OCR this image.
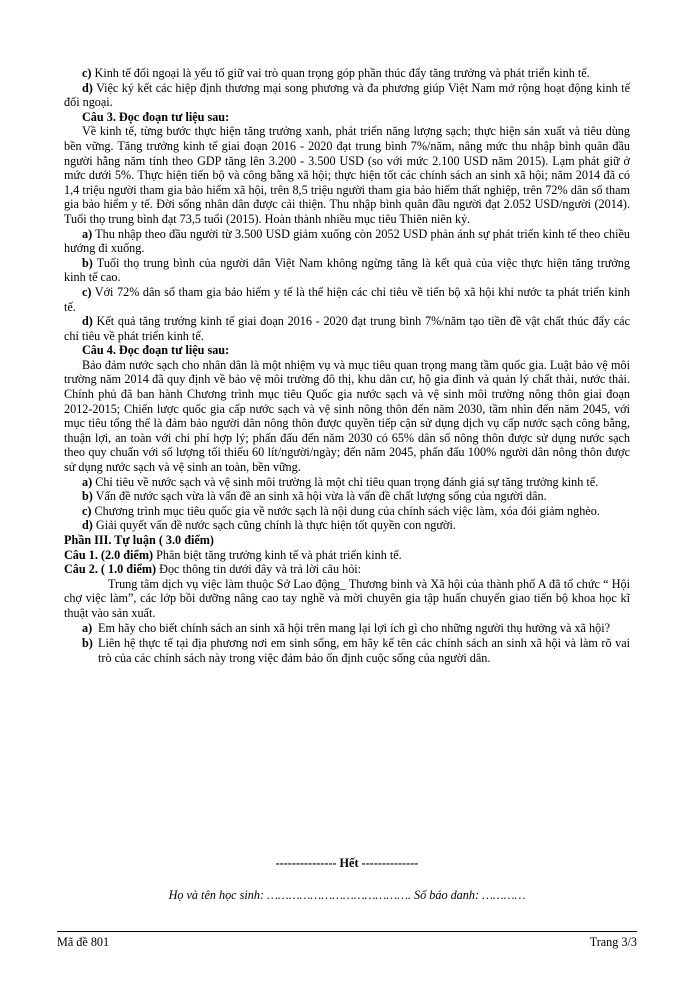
c) Kinh tế đối ngoại là yếu tố giữ vai trò quan trọng góp phần thúc đẩy tăng trưởng và phát triển kinh tế.

d) Việc ký kết các hiệp định thương mại song phương và đa phương giúp Việt Nam mở rộng hoạt động kinh tế đối ngoại.

Câu 3. Đọc đoạn tư liệu sau:

Về kinh tế, từng bước thực hiện tăng trưởng xanh, phát triển năng lượng sạch; thực hiện sản xuất và tiêu dùng bền vững. Tăng trưởng kinh tế giai đoạn 2016 - 2020 đạt trung bình 7%/năm, nâng mức thu nhập bình quân đầu người hằng năm tính theo GDP tăng lên 3.200 - 3.500 USD (so với mức 2.100 USD năm 2015). Lạm phát giữ ở mức dưới 5%. Thực hiện tiến bộ và công bằng xã hội; thực hiện tốt các chính sách an sinh xã hội; năm 2014 đã có 1,4 triệu người tham gia bảo hiểm xã hội, trên 8,5 triệu người tham gia bảo hiểm thất nghiệp, trên 72% dân số tham gia bảo hiểm y tế. Đời sống nhân dân được cải thiện. Thu nhập bình quân đầu người đạt 2.052 USD/người (2014). Tuổi thọ trung bình đạt 73,5 tuổi (2015). Hoàn thành nhiều mục tiêu Thiên niên kỷ.

a) Thu nhập theo đầu người từ 3.500 USD giảm xuống còn 2052 USD phản ánh sự phát triển kinh tế theo chiều hướng đi xuống.

b) Tuổi thọ trung bình của người dân Việt Nam không ngừng tăng là kết quả của việc thực hiện tăng trưởng kinh tế cao.

c) Với 72% dân số tham gia bảo hiểm y tế là thể hiện các chỉ tiêu về tiến bộ xã hội khi nước ta phát triển kinh tế.

d) Kết quả tăng trưởng kinh tế giai đoạn 2016 - 2020 đạt trung bình 7%/năm tạo tiền đề vật chất thúc đẩy các chỉ tiêu về phát triển kinh tế.

Câu 4. Đọc đoạn tư liệu sau:

Bảo đảm nước sạch cho nhân dân là một nhiệm vụ và mục tiêu quan trọng mang tầm quốc gia. Luật bảo vệ môi trường năm 2014 đã quy định về bảo vệ môi trường đô thị, khu dân cư, hộ gia đình và quản lý chất thải, nước thải. Chính phủ đã ban hành Chương trình mục tiêu Quốc gia nước sạch và vệ sinh môi trường nông thôn giai đoạn 2012-2015; Chiến lược quốc gia cấp nước sạch và vệ sinh nông thôn đến năm 2030, tầm nhìn đến năm 2045, với mục tiêu tổng thể là đảm bảo người dân nông thôn được quyền tiếp cận sử dụng dịch vụ cấp nước sạch công bằng, thuận lợi, an toàn với chi phí hợp lý; phấn đấu đến năm 2030 có 65% dân số nông thôn được sử dụng nước sạch theo quy chuẩn với số lượng tối thiểu 60 lít/người/ngày; đến năm 2045, phấn đấu 100% người dân nông thôn được sử dụng nước sạch và vệ sinh an toàn, bền vững.

a) Chỉ tiêu về nước sạch và vệ sinh môi trường là một chỉ tiêu quan trọng đánh giá sự tăng trưởng kinh tế.

b) Vấn đề nước sạch vừa là vấn đề an sinh xã hội vừa là vấn đề chất lượng sống của người dân.

c) Chương trình mục tiêu quốc gia về nước sạch là nội dung của chính sách việc làm, xóa đói giảm nghèo.

d) Giải quyết vấn đề nước sạch cũng chính là thực hiện tốt quyền con người.

Phần III. Tự luận ( 3.0 điểm)

Câu 1. (2.0 điểm) Phân biệt tăng trưởng kinh tế và phát triển kinh tế.

Câu 2. ( 1.0 điểm) Đọc thông tin dưới đây và trả lời câu hỏi:

Trung tâm dịch vụ việc làm thuộc Sở Lao động_ Thương binh và Xã hội của thành phố A đã tổ chức “ Hội chợ việc làm”, các lớp bồi dưỡng nâng cao tay nghề và mời chuyên gia tập huấn chuyển giao tiến bộ khoa học kĩ thuật vào sản xuất.

a) Em hãy cho biết chính sách an sinh xã hội trên mang lại lợi ích gì cho những người thụ hưởng và xã hội?
b) Liên hệ thực tế tại địa phương nơi em sinh sống, em hãy kể tên các chính sách an sinh xã hội và làm rõ vai trò của các chính sách này trong việc đảm bảo ổn định cuộc sống của người dân.
--------------- Hết --------------
Họ và tên học sinh: …………………………………. Số báo danh: …………
Mã đề 801	Trang 3/3
